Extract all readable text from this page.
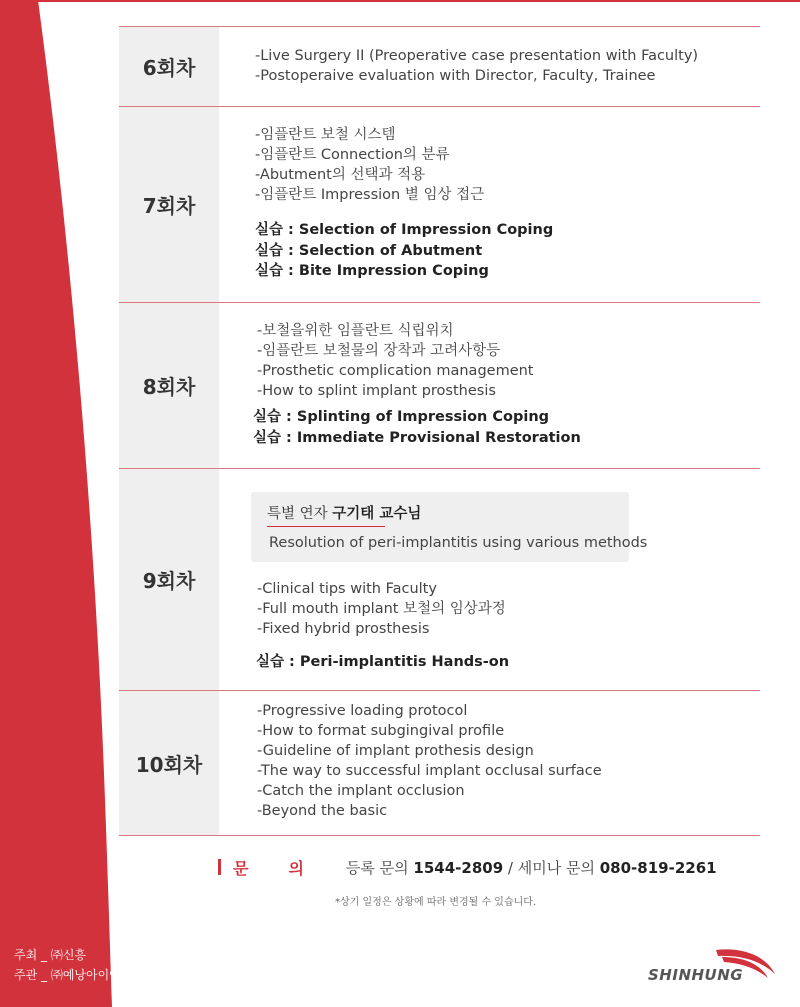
6회차	-Live Surgery II (Preoperative case presentation with Faculty)
-Postoperaive evaluation with Director, Faculty, Trainee
7회차
-임플란트 보철 시스템
-임플란트 Connection의 분류
-Abutment의 선택과 적용
-임플란트 Impression 별 임상 접근
실습 : Selection of Impression Coping
실습 : Selection of Abutment
실습 : Bite Impression Coping
8회차
-보철을위한 임플란트 식립위치
-임플란트 보철물의 장착과 고려사항등
-Prosthetic complication management
-How to splint implant prosthesis
실습 : Splinting of Impression Coping
실습 : Immediate Provisional Restoration
9회차
특별 연자 구기태 교수님
Resolution of peri-implantitis using various methods
-Clinical tips with Faculty
-Full mouth implant 보철의 임상과정
-Fixed hybrid prosthesis
실습 : Peri-implantitis Hands-on
10회차
-Progressive loading protocol
-How to format subgingival profile
-Guideline of implant prothesis design
-The way to successful implant occlusal surface
-Catch the implant occlusion
-Beyond the basic
문의 등록 문의 1544-2809 / 세미나 문의 080-819-2261
*상기 일정은 상황에 따라 변경될 수 있습니다.
주최 _ ㈜신흥
주관 _ ㈜예낭아이앤씨	SHINHUNG
